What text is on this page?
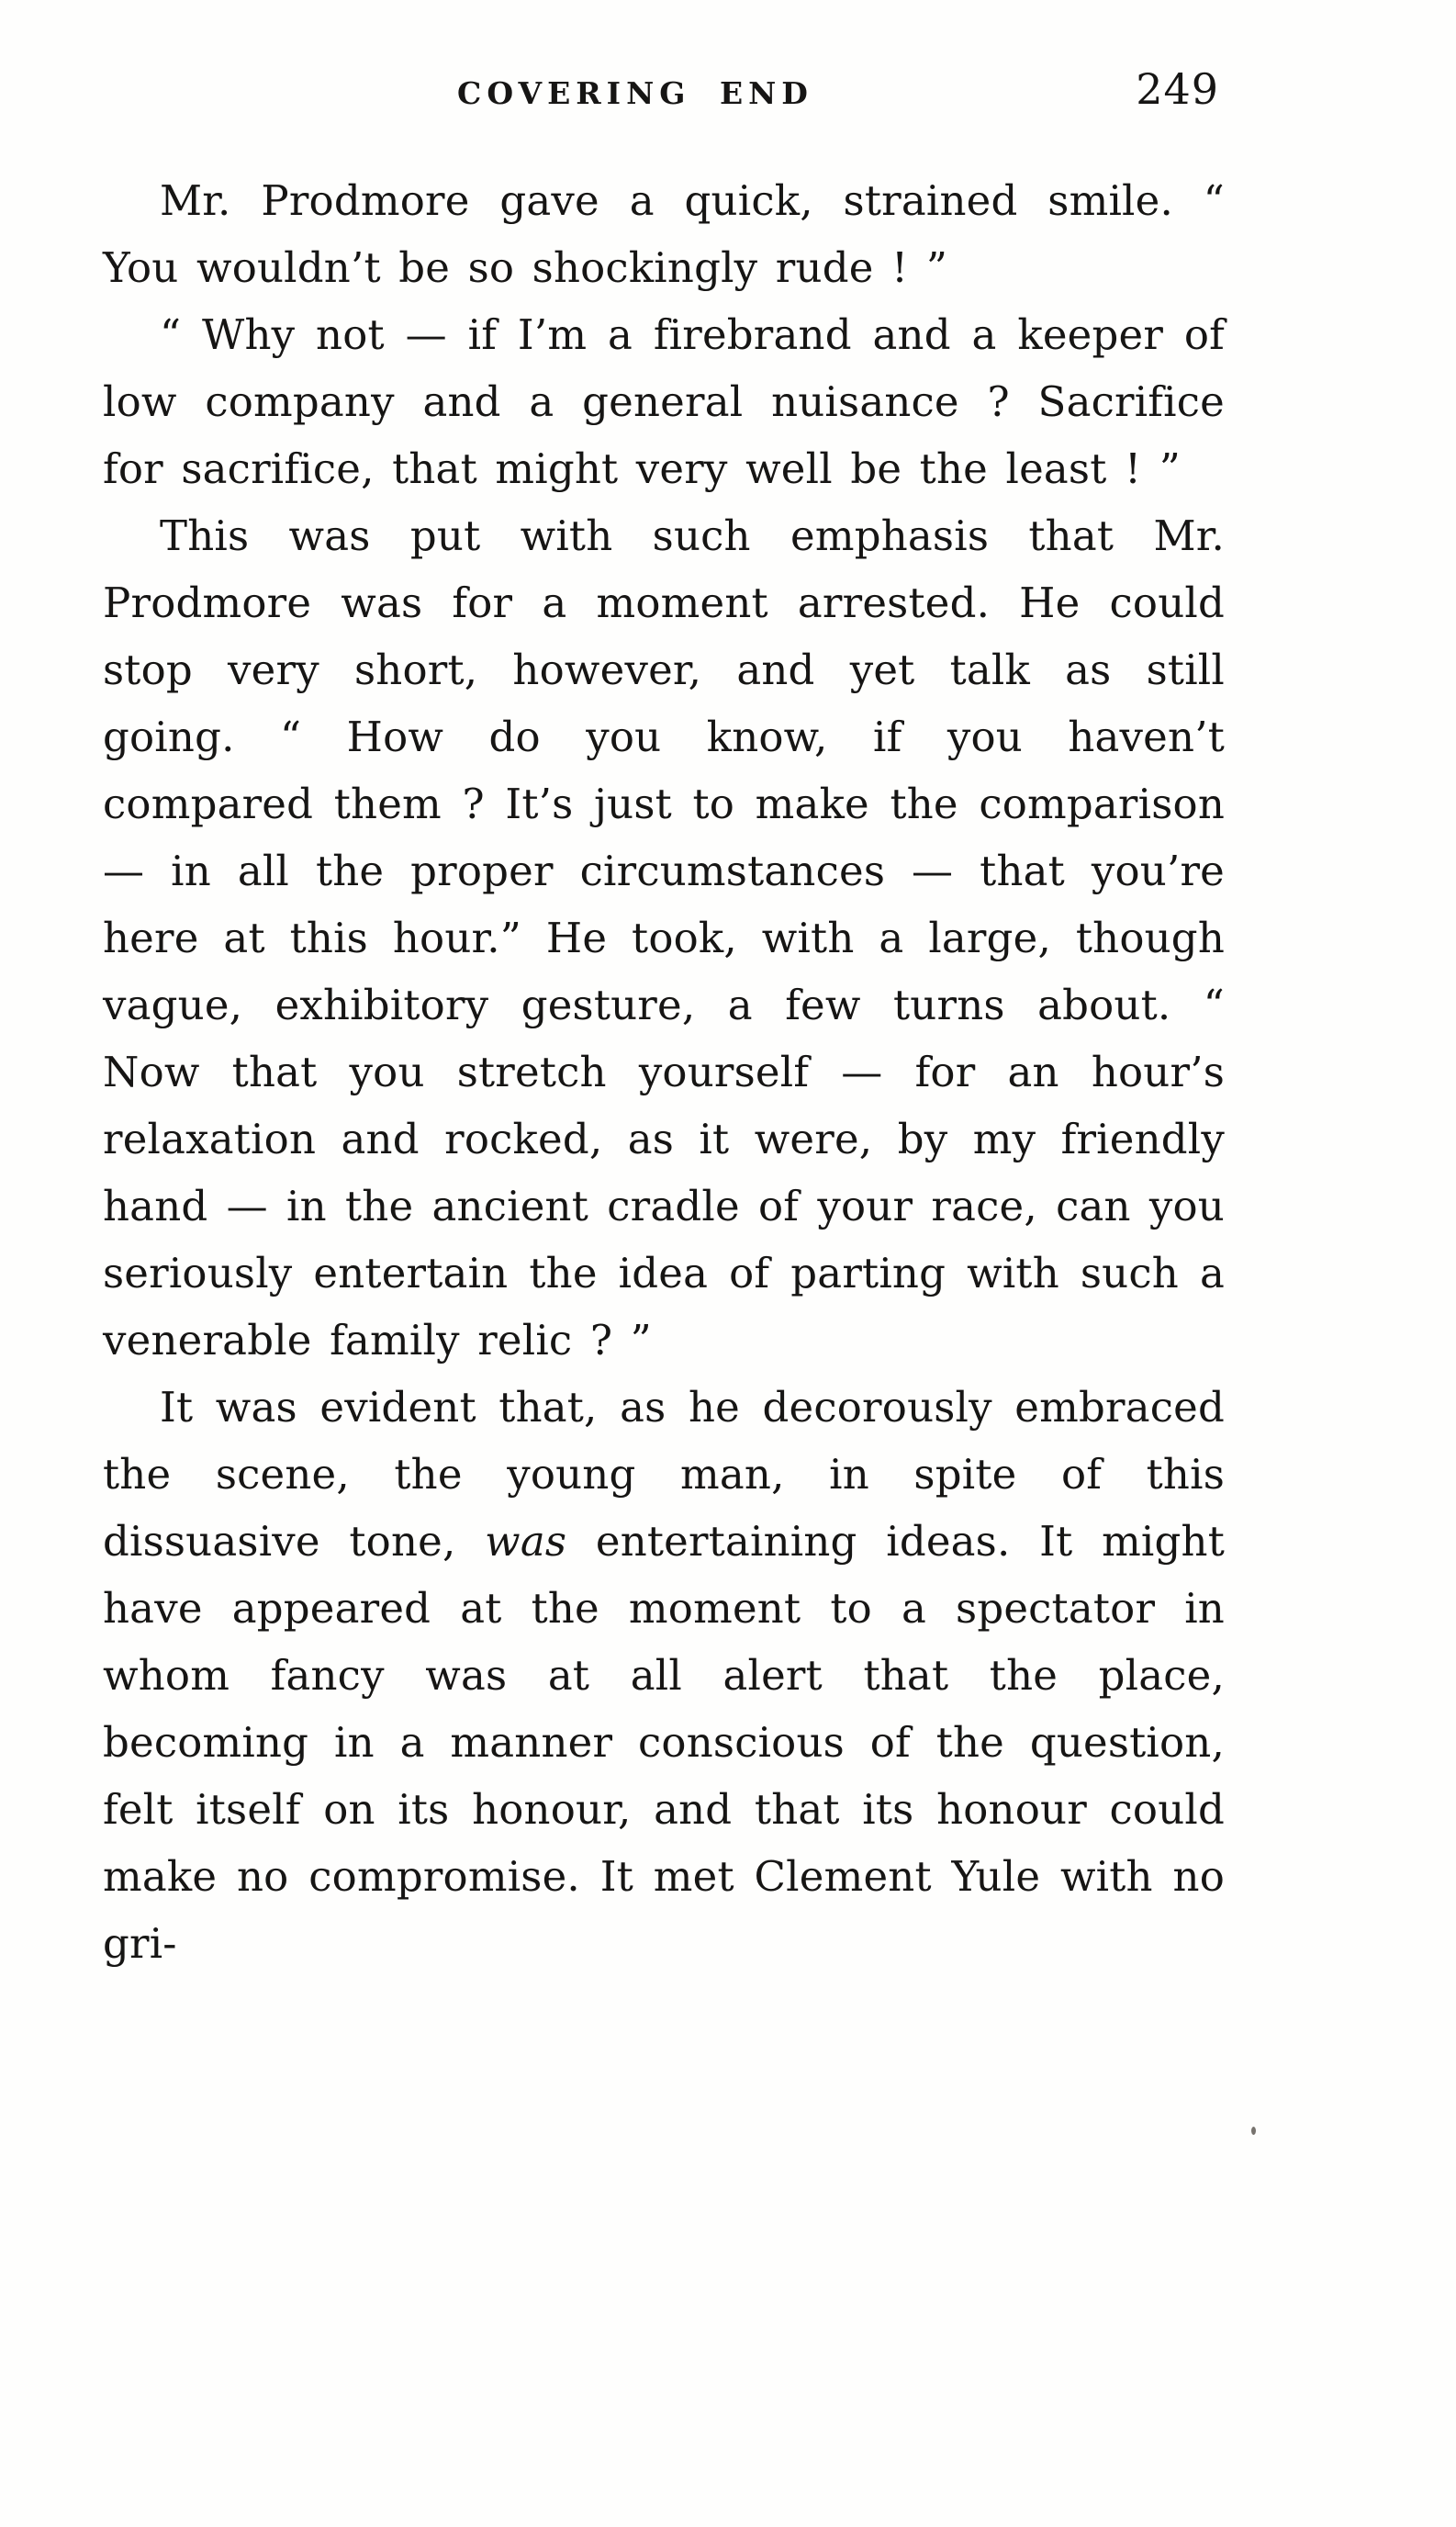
COVERING END	249

Mr. Prodmore gave a quick, strained smile. “ You wouldn’t be so shockingly rude ! ”

“ Why not — if I’m a firebrand and a keeper of low company and a general nuisance ? Sacrifice for sacrifice, that might very well be the least ! ”

This was put with such emphasis that Mr. Prodmore was for a moment arrested. He could stop very short, however, and yet talk as still going. “ How do you know, if you haven’t compared them ? It’s just to make the comparison — in all the proper circumstances — that you’re here at this hour.” He took, with a large, though vague, exhibitory gesture, a few turns about. “ Now that you stretch yourself — for an hour’s relaxation and rocked, as it were, by my friendly hand — in the ancient cradle of your race, can you seriously entertain the idea of parting with such a venerable family relic ? ”

It was evident that, as he decorously embraced the scene, the young man, in spite of this dissuasive tone, was entertaining ideas. It might have appeared at the moment to a spectator in whom fancy was at all alert that the place, becoming in a manner conscious of the question, felt itself on its honour, and that its honour could make no compromise. It met Clement Yule with no gri-
